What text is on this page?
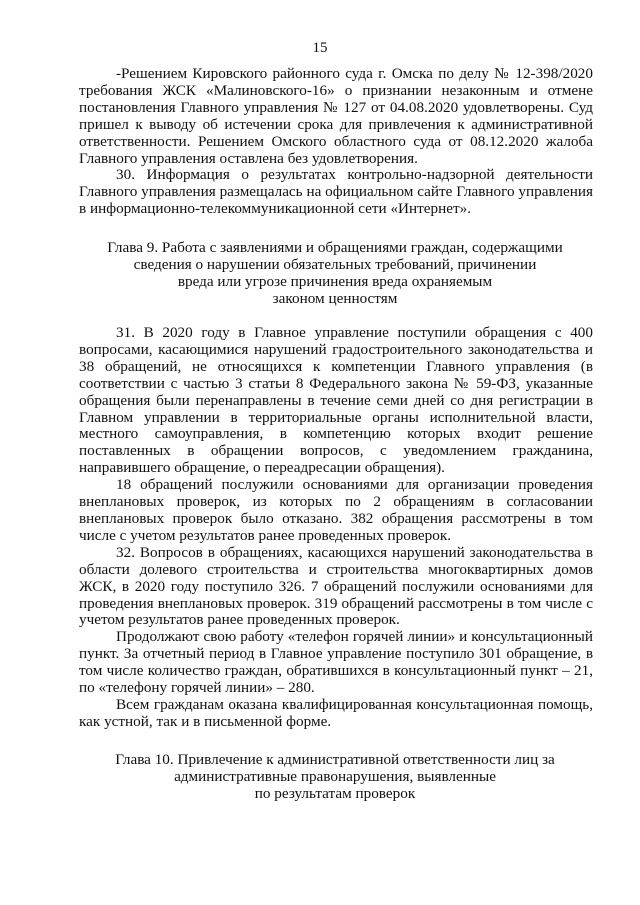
15

-Решением Кировского районного суда г. Омска по делу № 12-398/2020 требования ЖСК «Малиновского-16» о признании незаконным и отмене постановления Главного управления № 127 от 04.08.2020 удовлетворены. Суд пришел к выводу об истечении срока для привлечения к административной ответственности. Решением Омского областного суда от 08.12.2020 жалоба Главного управления оставлена без удовлетворения.

30. Информация о результатах контрольно-надзорной деятельности Главного управления размещалась на официальном сайте Главного управления в информационно-телекоммуникационной сети «Интернет».

Глава 9. Работа с заявлениями и обращениями граждан, содержащими
сведения о нарушении обязательных требований, причинении
вреда или угрозе причинения вреда охраняемым
законом ценностям

31. В 2020 году в Главное управление поступили обращения с 400 вопросами, касающимися нарушений градостроительного законодательства и 38 обращений, не относящихся к компетенции Главного управления (в соответствии с частью 3 статьи 8 Федерального закона № 59-ФЗ, указанные обращения были перенаправлены в течение семи дней со дня регистрации в Главном управлении в территориальные органы исполнительной власти, местного самоуправления, в компетенцию которых входит решение поставленных в обращении вопросов, с уведомлением гражданина, направившего обращение, о переадресации обращения).

18 обращений послужили основаниями для организации проведения внеплановых проверок, из которых по 2 обращениям в согласовании внеплановых проверок было отказано. 382 обращения рассмотрены в том числе с учетом результатов ранее проведенных проверок.

32. Вопросов в обращениях, касающихся нарушений законодательства в области долевого строительства и строительства многоквартирных домов ЖСК, в 2020 году поступило 326. 7 обращений послужили основаниями для проведения внеплановых проверок. 319 обращений рассмотрены в том числе с учетом результатов ранее проведенных проверок.

Продолжают свою работу «телефон горячей линии» и консультационный пункт. За отчетный период в Главное управление поступило 301 обращение, в том числе количество граждан, обратившихся в консультационный пункт – 21, по «телефону горячей линии» – 280.

Всем гражданам оказана квалифицированная консультационная помощь, как устной, так и в письменной форме.

Глава 10. Привлечение к административной ответственности лиц за
административные правонарушения, выявленные
по результатам проверок
